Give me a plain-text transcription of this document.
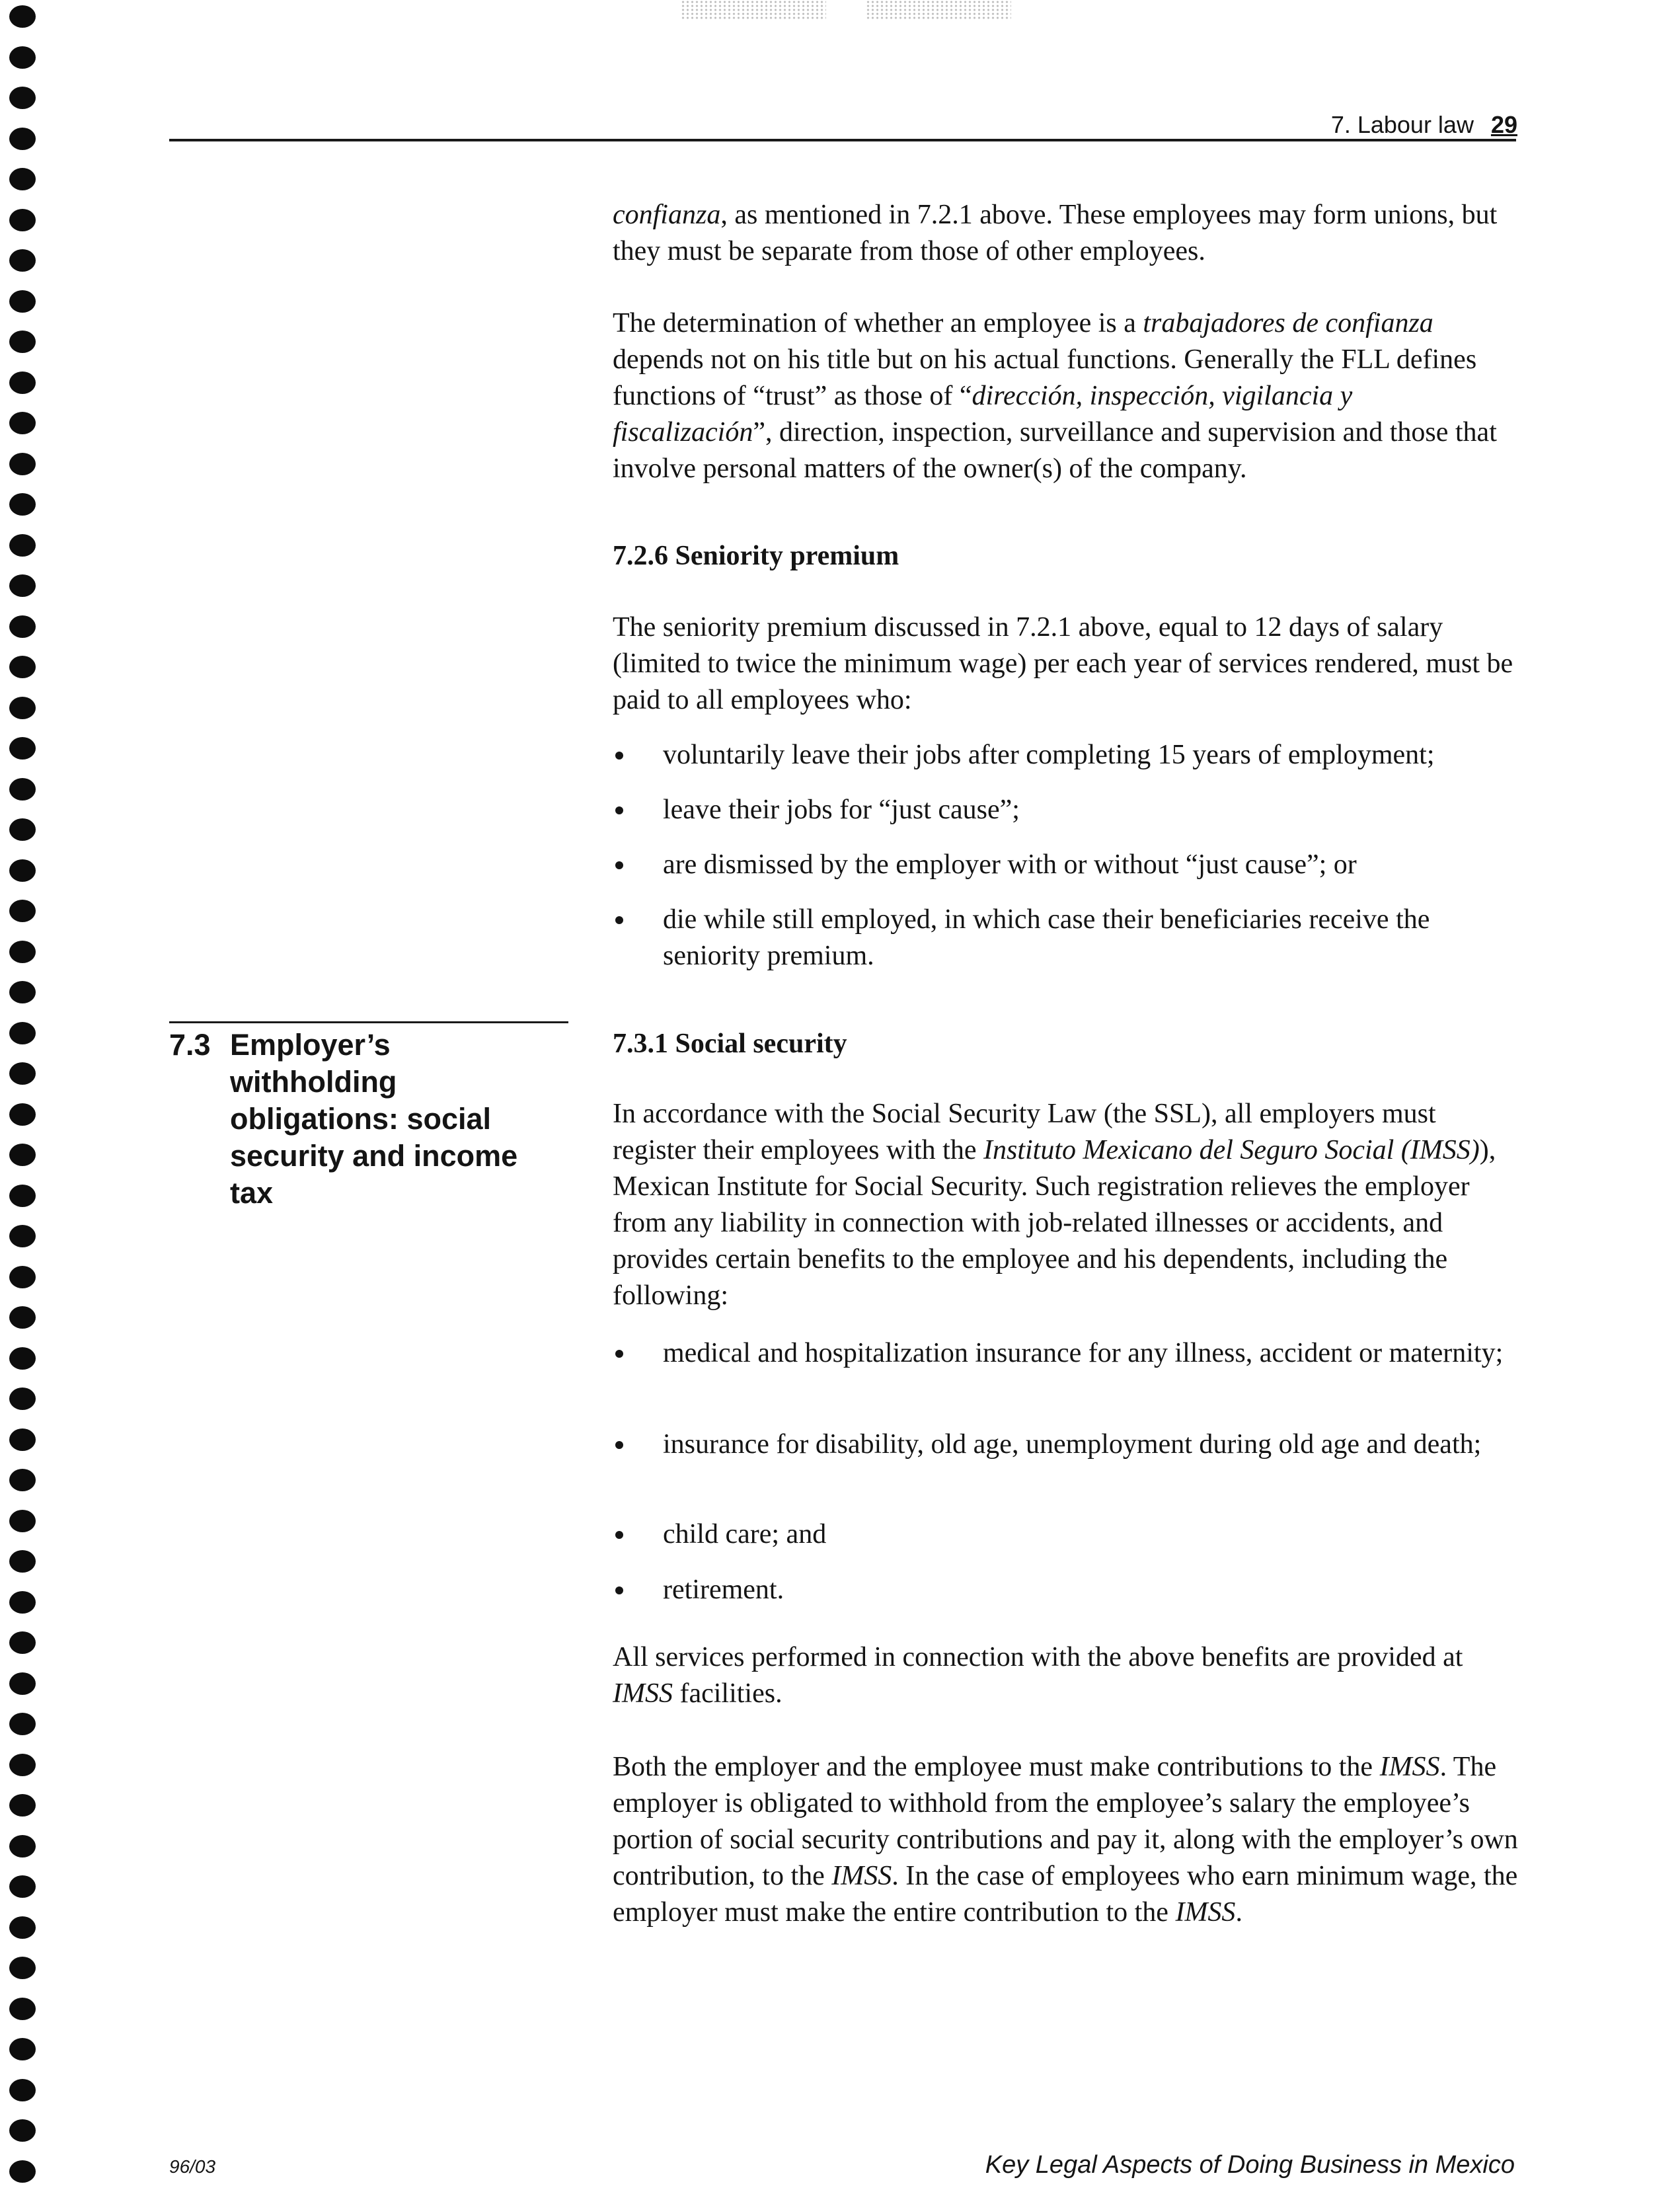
7. Labour law 29
7.3 Employer’s withholding obligations: social security and income tax

confianza, as mentioned in 7.2.1 above. These employees may form unions, but they must be separate from those of other employees.

The determination of whether an employee is a trabajadores de confianza depends not on his title but on his actual functions. Generally the FLL defines functions of “trust” as those of “dirección, inspección, vigilancia y fiscalización”, direction, inspection, surveillance and supervision and those that involve personal matters of the owner(s) of the company.

7.2.6 Seniority premium

The seniority premium discussed in 7.2.1 above, equal to 12 days of salary (limited to twice the minimum wage) per each year of services rendered, must be paid to all employees who:

voluntarily leave their jobs after completing 15 years of employment;
leave their jobs for “just cause”;
are dismissed by the employer with or without “just cause”; or
die while still employed, in which case their beneficiaries receive the seniority premium.
7.3.1 Social security

In accordance with the Social Security Law (the SSL), all employers must register their employees with the Instituto Mexicano del Seguro Social (IMSS)), Mexican Institute for Social Security. Such registration relieves the employer from any liability in connection with job-related illnesses or accidents, and provides certain benefits to the employee and his dependents, including the following:

medical and hospitalization insurance for any illness, accident or maternity;
insurance for disability, old age, unemployment during old age and death;
child care; and
retirement.

All services performed in connection with the above benefits are provided at IMSS facilities.

Both the employer and the employee must make contributions to the IMSS. The employer is obligated to withhold from the employee’s salary the employee’s portion of social security contributions and pay it, along with the employer’s own contribution, to the IMSS. In the case of employees who earn minimum wage, the employer must make the entire contribution to the IMSS.

96/03	Key Legal Aspects of Doing Business in Mexico
